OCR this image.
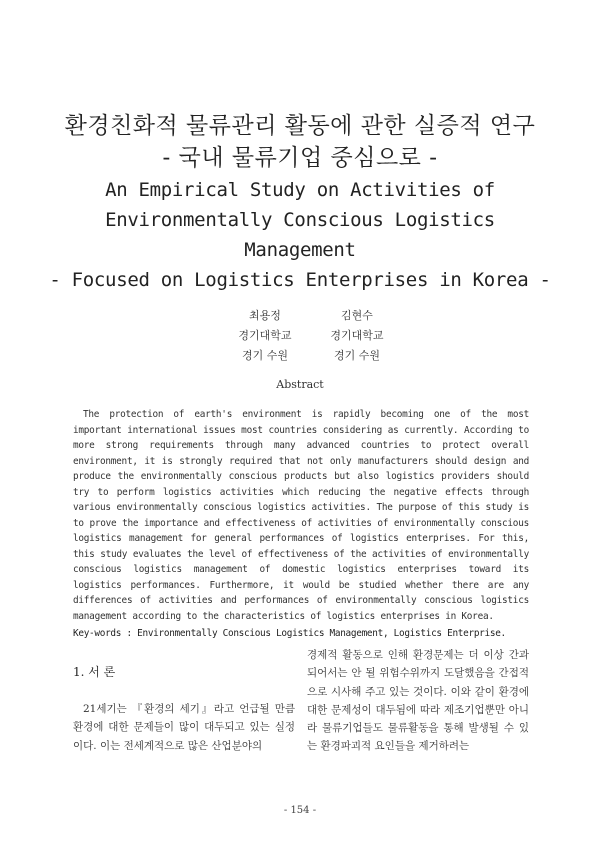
환경친화적 물류관리 활동에 관한 실증적 연구
- 국내 물류기업 중심으로 -
An Empirical Study on Activities of
Environmentally Conscious Logistics
Management
- Focused on Logistics Enterprises in Korea -
최용정
경기대학교
경기 수원
김현수
경기대학교
경기 수원
Abstract

The protection of earth's environment is rapidly becoming one of the most important international issues most countries considering as currently. According to more strong requirements through many advanced countries to protect overall environment, it is strongly required that not only manufacturers should design and produce the environmentally conscious products but also logistics providers should try to perform logistics activities which reducing the negative effects through various environmentally conscious logistics activities. The purpose of this study is to prove the importance and effectiveness of activities of environmentally conscious logistics management for general performances of logistics enterprises. For this, this study evaluates the level of effectiveness of the activities of environmentally conscious logistics management of domestic logistics enterprises toward its logistics performances. Furthermore, it would be studied whether there are any differences of activities and performances of environmentally conscious logistics management according to the characteristics of logistics enterprises in Korea.

Key-words : Environmentally Conscious Logistics Management, Logistics Enterprise.
1. 서 론

21세기는 『환경의 세기』라고 언급될 만큼 환경에 대한 문제들이 많이 대두되고 있는 실정이다. 이는 전세계적으로 많은 산업분야의

경제적 활동으로 인해 환경문제는 더 이상 간과되어서는 안 될 위험수위까지 도달했음을 간접적으로 시사해 주고 있는 것이다. 이와 같이 환경에 대한 문제성이 대두됨에 따라 제조기업뿐만 아니라 물류기업들도 물류활동을 통해 발생될 수 있는 환경파괴적 요인들을 제거하려는

- 154 -
